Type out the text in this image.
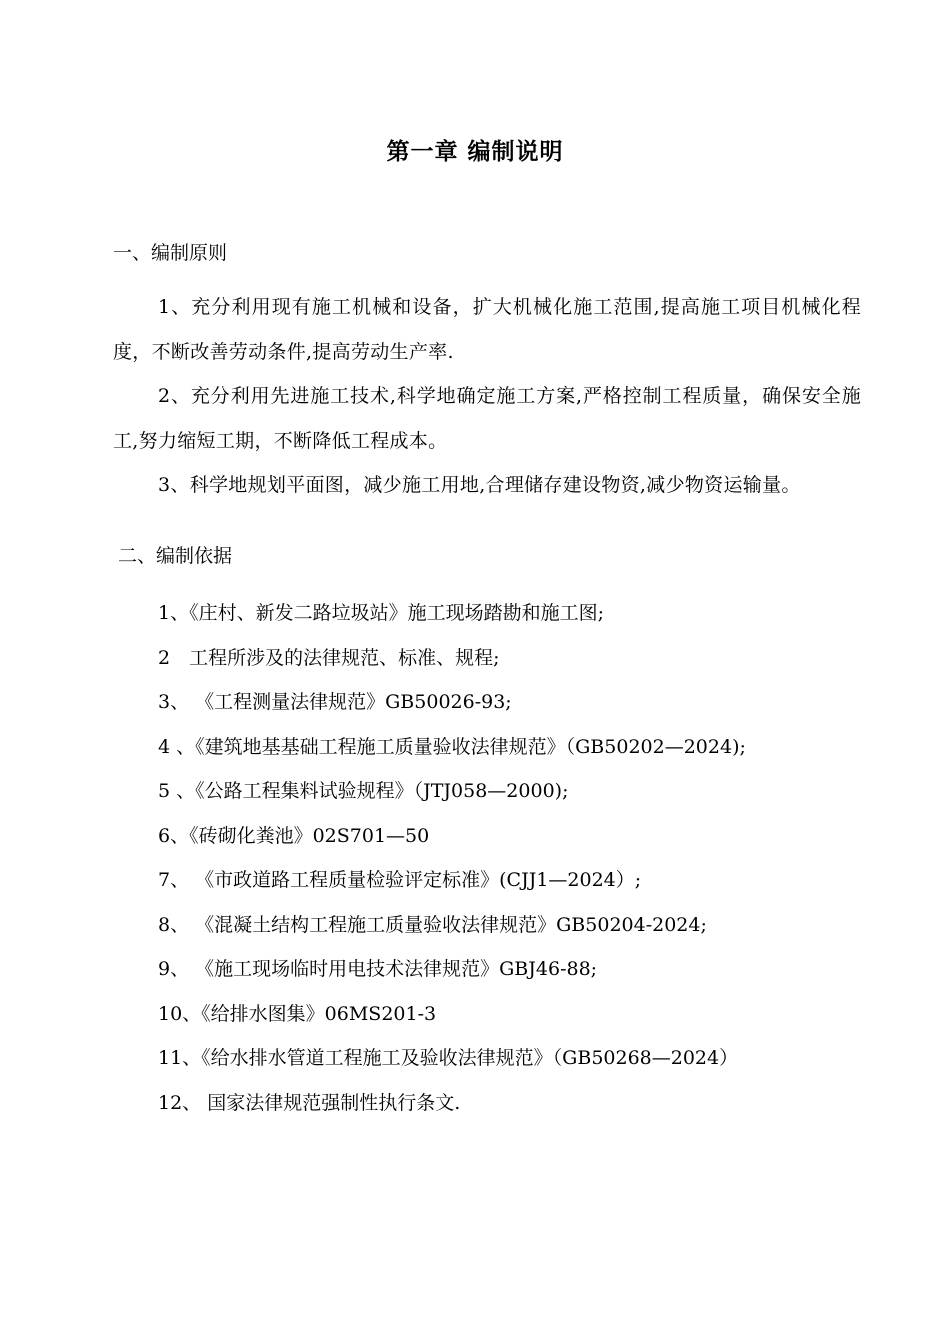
第一章 编制说明
一、编制原则
1、充分利用现有施工机械和设备，扩大机械化施工范围,提高施工项目机械化程度，不断改善劳动条件,提高劳动生产率.
2、充分利用先进施工技术,科学地确定施工方案,严格控制工程质量，确保安全施工,努力缩短工期，不断降低工程成本。
3、科学地规划平面图，减少施工用地,合理储存建设物资,减少物资运输量。
二、编制依据
1、《庄村、新发二路垃圾站》施工现场踏勘和施工图;
2　工程所涉及的法律规范、标准、规程;
3、 《工程测量法律规范》GB50026-93;
4 、《建筑地基基础工程施工质量验收法律规范》（GB50202—2024);
5 、《公路工程集料试验规程》（JTJ058—2000);
6、《砖砌化粪池》02S701—50
7、 《市政道路工程质量检验评定标准》(CJJ1—2024）;
8、 《混凝土结构工程施工质量验收法律规范》GB50204-2024;
9、 《施工现场临时用电技术法律规范》GBJ46-88;
10、《给排水图集》06MS201-3
11、《给水排水管道工程施工及验收法律规范》（GB50268—2024）
12、 国家法律规范强制性执行条文.
